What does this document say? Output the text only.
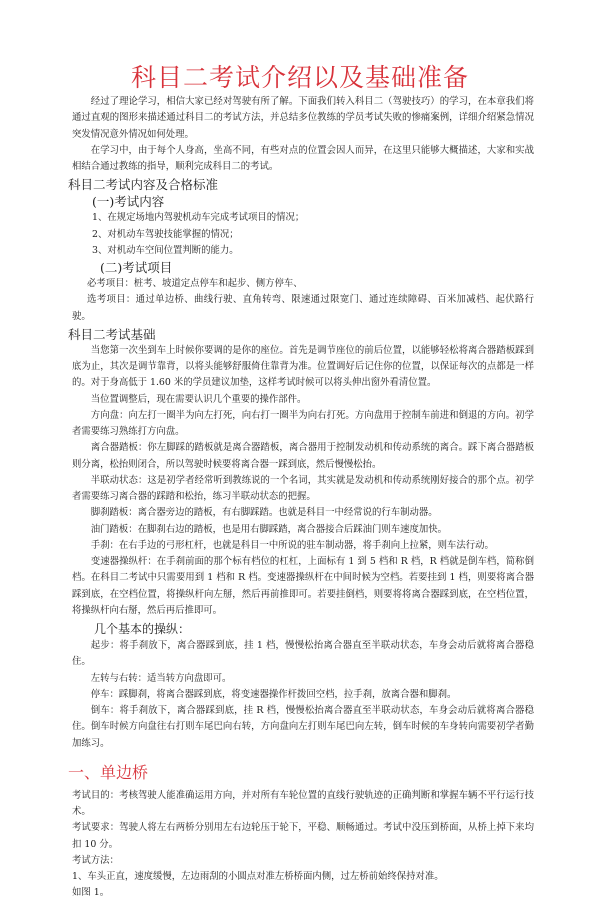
科目二考试介绍以及基础准备

经过了理论学习，相信大家已经对驾驶有所了解。下面我们转入科目二（驾驶技巧）的学习，在本章我们将通过直观的图形来描述通过科目二的考试方法，并总结多位教练的学员考试失败的惨痛案例，详细介绍紧急情况突发情况意外情况如何处理。

在学习中，由于每个人身高，坐高不同，有些对点的位置会因人而异，在这里只能够大概描述，大家和实战相结合通过教练的指导，顺利完成科目二的考试。

科目二考试内容及合格标准
(一)考试内容

1、在规定场地内驾驶机动车完成考试项目的情况；

2、对机动车驾驶技能掌握的情况；

3、对机动车空间位置判断的能力。

(二)考试项目

必考项目：桩考、坡道定点停车和起步、侧方停车、

选考项目：通过单边桥、曲线行驶、直角转弯、限速通过限宽门、通过连续障碍、百米加减档、起伏路行驶。

科目二考试基础

当您第一次坐到车上时候你要调的是你的座位。首先是调节座位的前后位置，以能够轻松将离合器踏板踩到底为止，其次是调节靠背，以将头能够舒服倚住靠背为准。位置调好后记住你的位置，以保证每次的点都是一样的。对于身高低于 1.60 米的学员建议加垫，这样考试时候可以将头伸出窗外看清位置。

当位置调整后，现在需要认识几个重要的操作部件。

方向盘：向左打一圈半为向左打死，向右打一圈半为向右打死。方向盘用于控制车前进和倒退的方向。初学者需要练习熟练打方向盘。

离合器踏板：你左脚踩的踏板就是离合器踏板，离合器用于控制发动机和传动系统的离合。踩下离合器踏板则分离，松抬则闭合，所以驾驶时候要将离合器一踩到底，然后慢慢松抬。

半联动状态：这是初学者经常听到教练说的一个名词，其实就是发动机和传动系统刚好接合的那个点。初学者需要练习离合器的踩踏和松抬，练习半联动状态的把握。

脚刹踏板：离合器旁边的踏板，有右脚踩踏。也就是科目一中经常说的行车制动器。

油门踏板：在脚刹右边的踏板，也是用右脚踩踏，离合器接合后踩油门则车速度加快。

手刹：在右手边的弓形杠杆，也就是科目一中所说的驻车制动器，将手刹向上拉紧，则车法行动。

变速器操纵杆：在手刹前面的那个标有档位的杠杠，上面标有 1 到 5 档和 R 档，R 档就是倒车档，简称倒档。在科目二考试中只需要用到 1 档和 R 档。变速器操纵杆在中间时候为空档。若要挂到 1 档，则要将离合器踩到底，在空档位置，将操纵杆向左掰，然后再前推即可。若要挂倒档，则要将将离合器踩到底，在空档位置，将操纵杆向右掰，然后再后推即可。

几个基本的操纵：

起步：将手刹放下，离合器踩到底，挂 1 档，慢慢松抬离合器直至半联动状态，车身会动后就将离合器稳住。

左转与右转：适当转方向盘即可。

停车：踩脚刹，将离合器踩到底，将变速器操作杆拨回空档，拉手刹，放离合器和脚刹。

倒车：将手刹放下，离合器踩到底，挂 R 档，慢慢松抬离合器直至半联动状态，车身会动后就将离合器稳住。倒车时候方向盘往右打则车尾巴向右转，方向盘向左打则车尾巴向左转，倒车时候的车身转向需要初学者勤加练习。

一、单边桥

考试目的：考核驾驶人能准确运用方向，并对所有车轮位置的直线行驶轨迹的正确判断和掌握车辆不平行运行技术。

考试要求：驾驶人将左右两桥分别用左右边轮压于轮下，平稳、顺畅通过。考试中没压到桥面，从桥上掉下来均扣 10 分。

考试方法：

1、车头正直，速度缓慢，左边雨刮的小圆点对准左桥桥面内侧，过左桥前始终保持对准。

如图 1。
